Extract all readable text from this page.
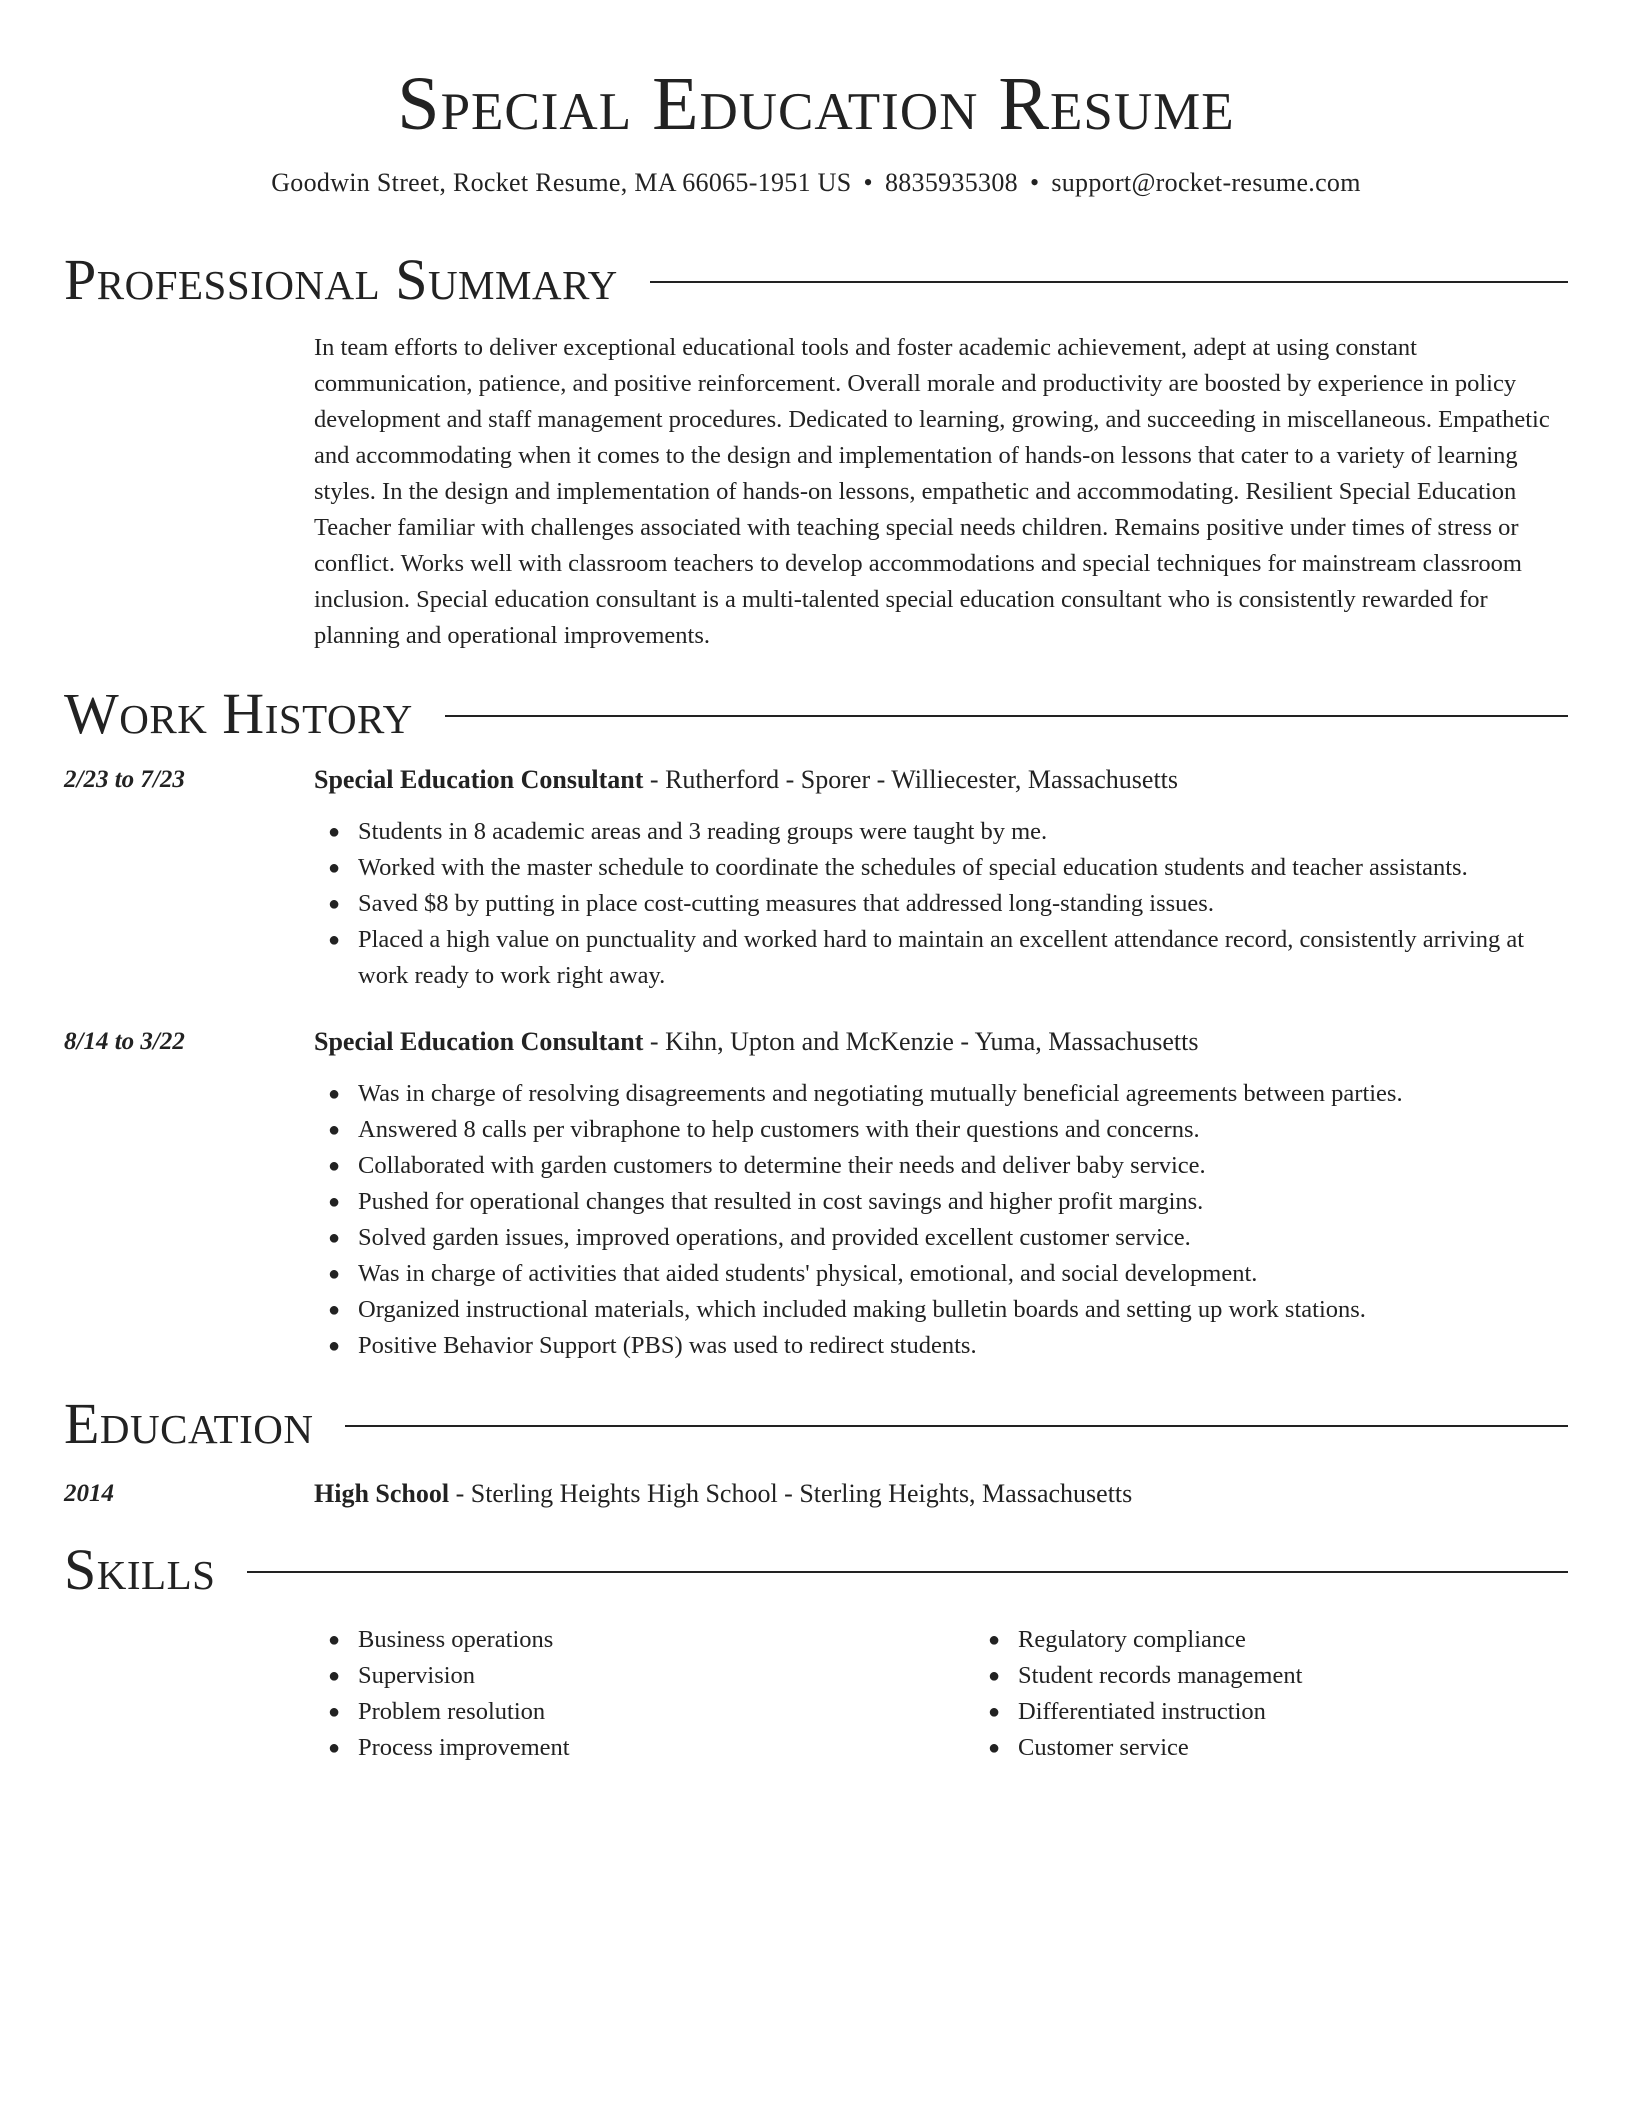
Special Education Resume
Goodwin Street, Rocket Resume, MA 66065-1951 US • 8835935308 • support@rocket-resume.com
Professional Summary

In team efforts to deliver exceptional educational tools and foster academic achievement, adept at using constant communication, patience, and positive reinforcement. Overall morale and productivity are boosted by experience in policy development and staff management procedures. Dedicated to learning, growing, and succeeding in miscellaneous. Empathetic and accommodating when it comes to the design and implementation of hands-on lessons that cater to a variety of learning styles. In the design and implementation of hands-on lessons, empathetic and accommodating. Resilient Special Education Teacher familiar with challenges associated with teaching special needs children. Remains positive under times of stress or conflict. Works well with classroom teachers to develop accommodations and special techniques for mainstream classroom inclusion. Special education consultant is a multi-talented special education consultant who is consistently rewarded for planning and operational improvements.

Work History
2/23 to 7/23	Special Education Consultant - Rutherford - Sporer - Williecester, Massachusetts
● Students in 8 academic areas and 3 reading groups were taught by me.
● Worked with the master schedule to coordinate the schedules of special education students and teacher assistants.
● Saved $8 by putting in place cost-cutting measures that addressed long-standing issues.
● Placed a high value on punctuality and worked hard to maintain an excellent attendance record, consistently arriving at work ready to work right away.
8/14 to 3/22	Special Education Consultant - Kihn, Upton and McKenzie - Yuma, Massachusetts
● Was in charge of resolving disagreements and negotiating mutually beneficial agreements between parties.
● Answered 8 calls per vibraphone to help customers with their questions and concerns.
● Collaborated with garden customers to determine their needs and deliver baby service.
● Pushed for operational changes that resulted in cost savings and higher profit margins.
● Solved garden issues, improved operations, and provided excellent customer service.
● Was in charge of activities that aided students' physical, emotional, and social development.
● Organized instructional materials, which included making bulletin boards and setting up work stations.
● Positive Behavior Support (PBS) was used to redirect students.
Education
2014	High School - Sterling Heights High School - Sterling Heights, Massachusetts
Skills
● Business operations
● Supervision
● Problem resolution
● Process improvement
● Regulatory compliance
● Student records management
● Differentiated instruction
● Customer service
